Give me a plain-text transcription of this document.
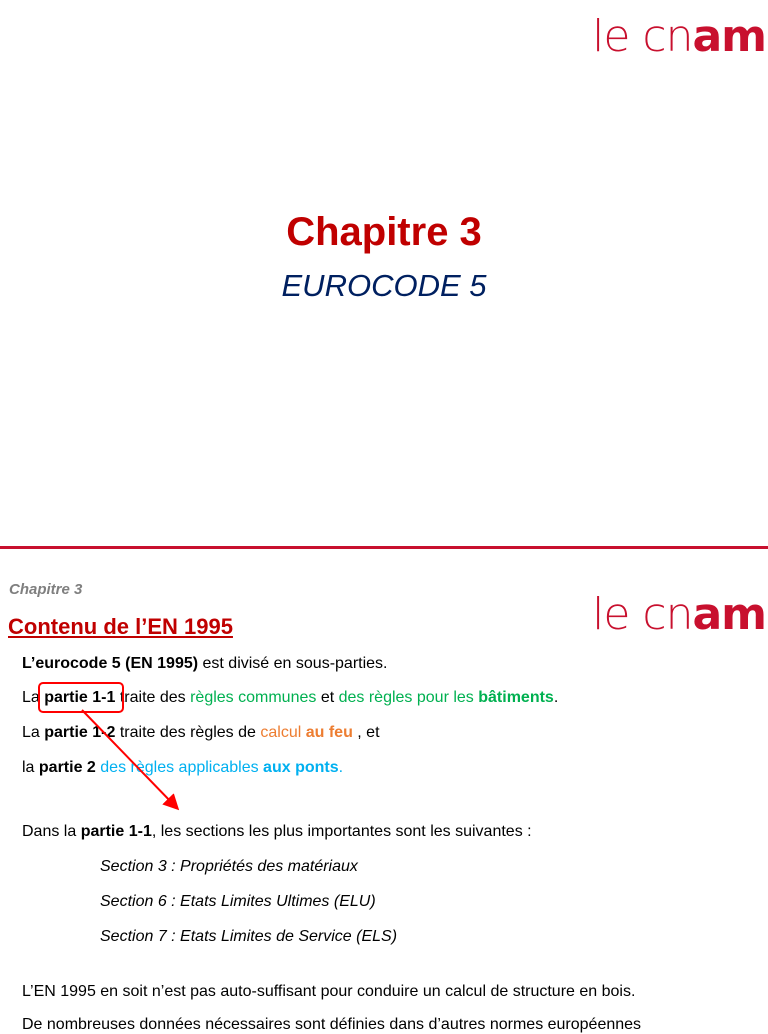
le cnam
Chapitre 3
EUROCODE 5
Chapitre 3	le cnam
Contenu de l’EN 1995
L’eurocode 5 (EN 1995) est divisé en sous-parties.
La partie 1-1 traite des règles communes et des règles pour les bâtiments.
La partie 1-2 traite des règles de calcul au feu , et
la partie 2 des règles applicables aux ponts.
Dans la partie 1-1, les sections les plus importantes sont les suivantes :
Section 3 : Propriétés des matériaux
Section 6 : Etats Limites Ultimes (ELU)
Section 7 : Etats Limites de Service (ELS)
L’EN 1995 en soit n’est pas auto-suffisant pour conduire un calcul de structure en bois.
De nombreuses données nécessaires sont définies dans d’autres normes européennes
